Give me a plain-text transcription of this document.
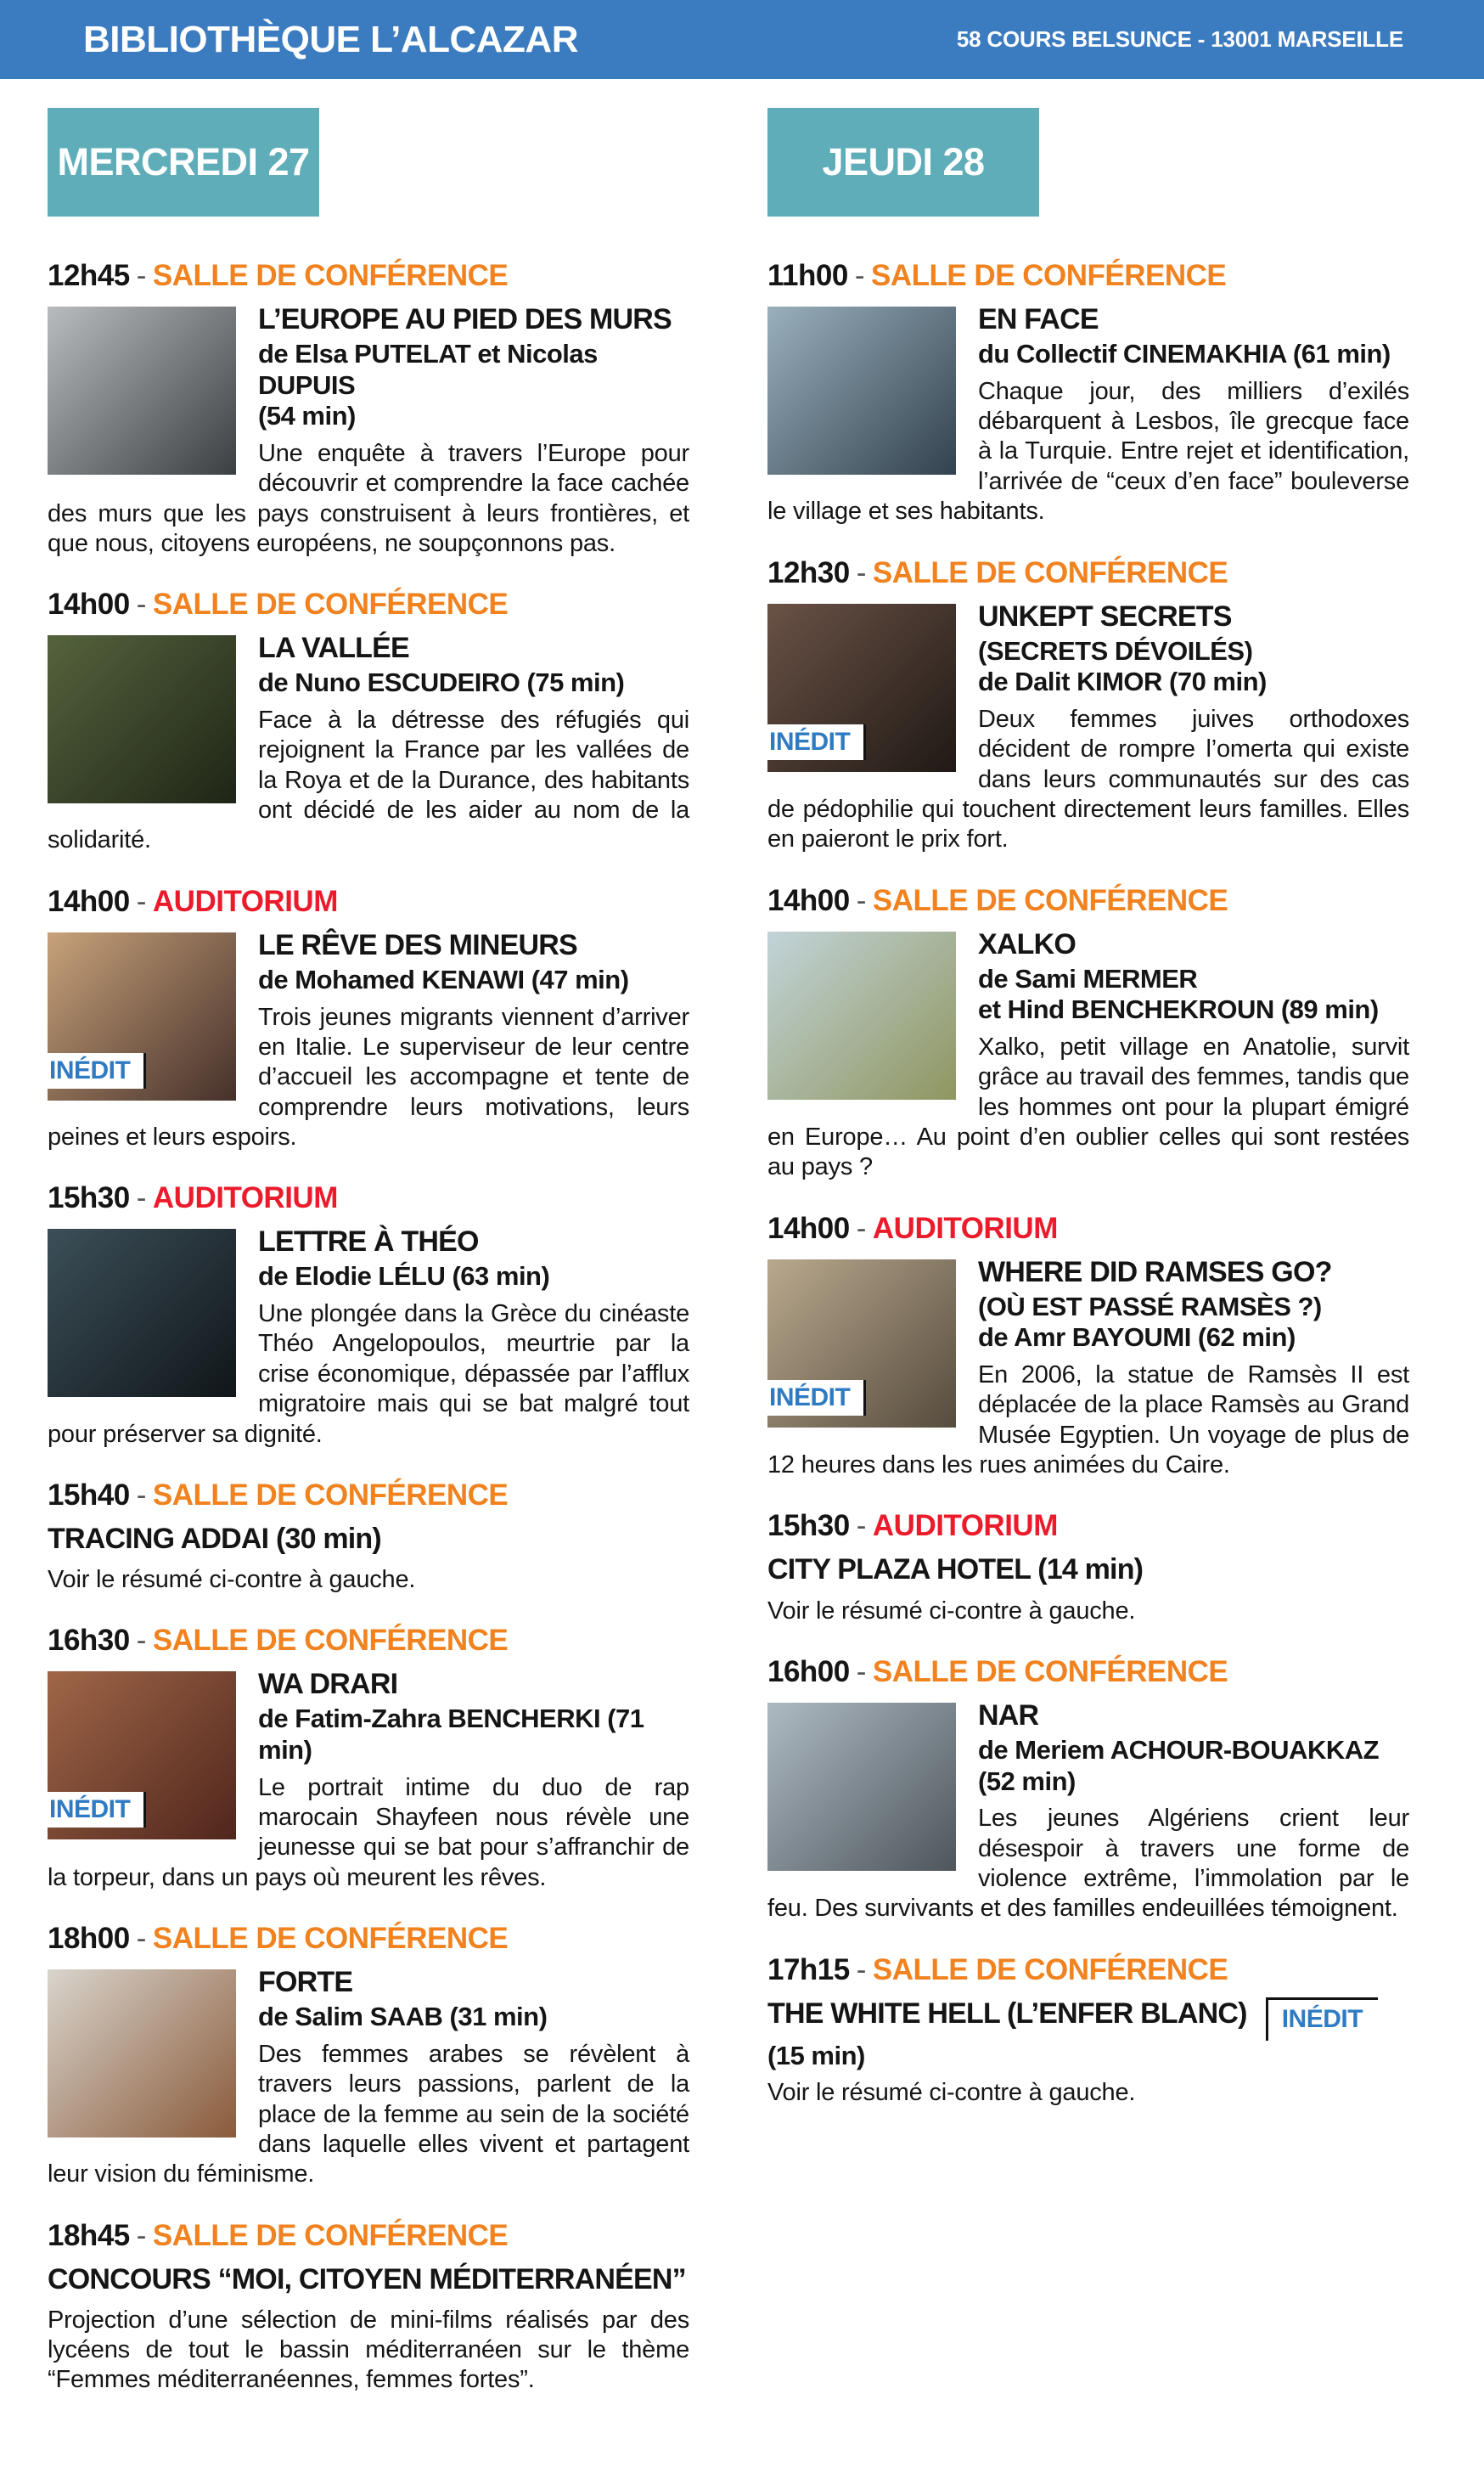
BIBLIOTHÈQUE L’ALCAZAR	58 COURS BELSUNCE - 13001 MARSEILLE
MERCREDI 27
12h45 - SALLE DE CONFÉRENCE
L’EUROPE AU PIED DES MURS
de Elsa PUTELAT et Nicolas DUPUIS
(54 min)

Une enquête à travers l’Europe pour découvrir et comprendre la face cachée des murs que les pays construisent à leurs frontières, et que nous, citoyens européens, ne soupçonnons pas.

14h00 - SALLE DE CONFÉRENCE
LA VALLÉE
de Nuno ESCUDEIRO (75 min)

Face à la détresse des réfugiés qui rejoignent la France par les vallées de la Roya et de la Durance, des habitants ont décidé de les aider au nom de la solidarité.

14h00 - AUDITORIUM
INÉDIT
LE RÊVE DES MINEURS
de Mohamed KENAWI (47 min)

Trois jeunes migrants viennent d’arriver en Italie. Le superviseur de leur centre d’accueil les accompagne et tente de comprendre leurs motivations, leurs peines et leurs espoirs.

15h30 - AUDITORIUM
LETTRE À THÉO
de Elodie LÉLU (63 min)

Une plongée dans la Grèce du cinéaste Théo Angelopoulos, meurtrie par la crise économique, dépassée par l’afflux migratoire mais qui se bat malgré tout pour préserver sa dignité.

15h40 - SALLE DE CONFÉRENCE
TRACING ADDAI (30 min)

Voir le résumé ci-contre à gauche.

16h30 - SALLE DE CONFÉRENCE
INÉDIT
WA DRARI
de Fatim-Zahra BENCHERKI (71 min)

Le portrait intime du duo de rap marocain Shayfeen nous révèle une jeunesse qui se bat pour s’affranchir de la torpeur, dans un pays où meurent les rêves.

18h00 - SALLE DE CONFÉRENCE
FORTE
de Salim SAAB (31 min)

Des femmes arabes se révèlent à travers leurs passions, parlent de la place de la femme au sein de la société dans laquelle elles vivent et partagent leur vision du féminisme.

18h45 - SALLE DE CONFÉRENCE
CONCOURS “MOI, CITOYEN MÉDITERRANÉEN”

Projection d’une sélection de mini-films réalisés par des lycéens de tout le bassin méditerranéen sur le thème “Femmes méditerranéennes, femmes fortes”.

JEUDI 28
11h00 - SALLE DE CONFÉRENCE
EN FACE
du Collectif CINEMAKHIA (61 min)

Chaque jour, des milliers d’exilés débarquent à Lesbos, île grecque face à la Turquie. Entre rejet et identification, l’arrivée de “ceux d’en face” bouleverse le village et ses habitants.

12h30 - SALLE DE CONFÉRENCE
INÉDIT
UNKEPT SECRETS
(SECRETS DÉVOILÉS)
de Dalit KIMOR (70 min)

Deux femmes juives orthodoxes décident de rompre l’omerta qui existe dans leurs communautés sur des cas de pédophilie qui touchent directement leurs familles. Elles en paieront le prix fort.

14h00 - SALLE DE CONFÉRENCE
XALKO
de Sami MERMER
et Hind BENCHEKROUN (89 min)

Xalko, petit village en Anatolie, survit grâce au travail des femmes, tandis que les hommes ont pour la plupart émigré en Europe… Au point d’en oublier celles qui sont restées au pays ?

14h00 - AUDITORIUM
INÉDIT
WHERE DID RAMSES GO?
(OÙ EST PASSÉ RAMSÈS ?)
de Amr BAYOUMI (62 min)

En 2006, la statue de Ramsès II est déplacée de la place Ramsès au Grand Musée Egyptien. Un voyage de plus de 12 heures dans les rues animées du Caire.

15h30 - AUDITORIUM
CITY PLAZA HOTEL (14 min)

Voir le résumé ci-contre à gauche.

16h00 - SALLE DE CONFÉRENCE
NAR
de Meriem ACHOUR-BOUAKKAZ
(52 min)

Les jeunes Algériens crient leur désespoir à travers une forme de violence extrême, l’immolation par le feu. Des survivants et des familles endeuillées témoignent.

17h15 - SALLE DE CONFÉRENCE
THE WHITE HELL (L’ENFER BLANC)	INÉDIT
(15 min)

Voir le résumé ci-contre à gauche.
